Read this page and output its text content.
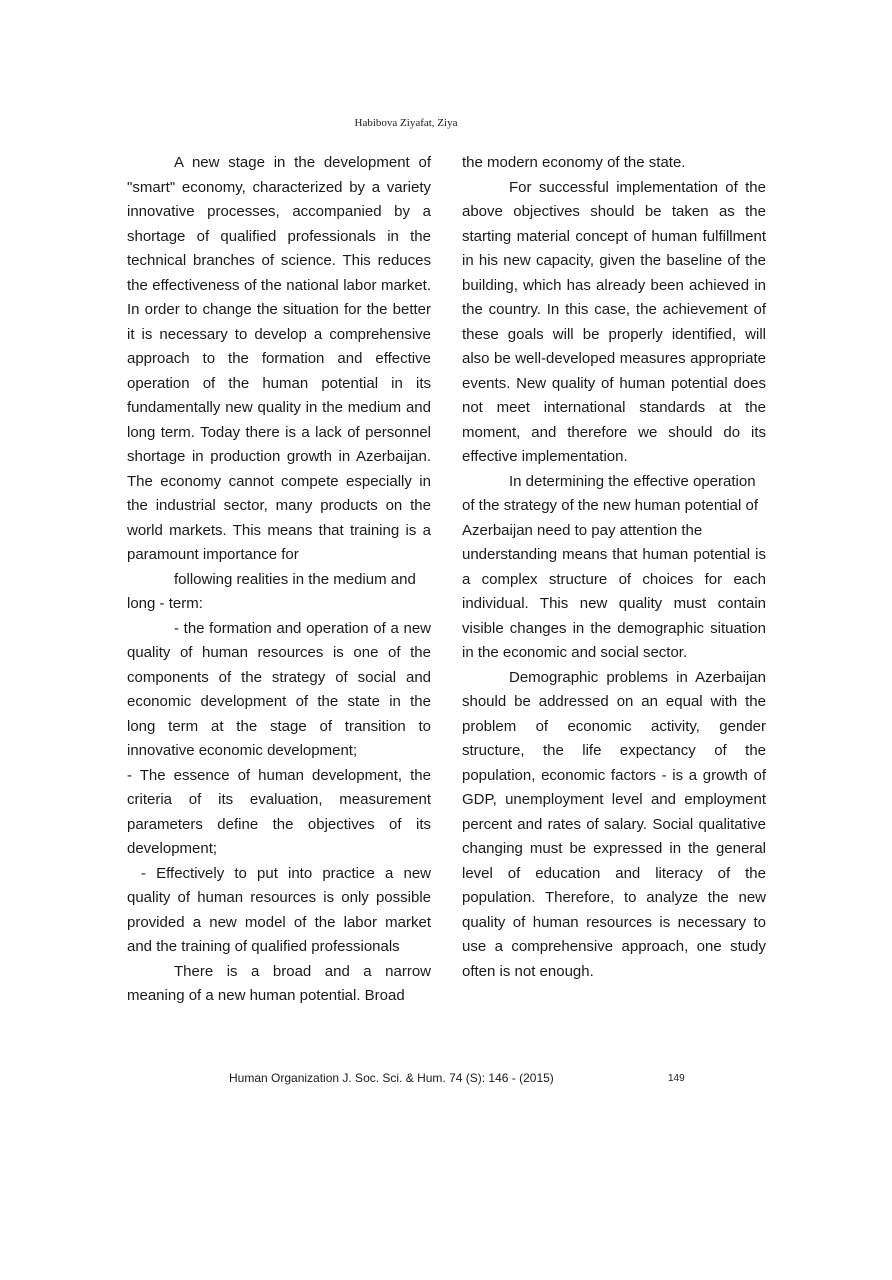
Habibova Ziyafat, Ziya

A new stage in the development of "smart" economy, characterized by a variety innovative processes, accompanied by a shortage of qualified professionals in the technical branches of science. This reduces the effectiveness of the national labor market. In order to change the situation for the better it is necessary to develop a comprehensive approach to the formation and effective operation of the human potential in its fundamentally new quality in the medium and long term. Today there is a lack of personnel shortage in production growth in Azerbaijan. The economy cannot compete especially in the industrial sector, many products on the world markets. This means that training is a paramount importance for

following realities in the medium and long - term:

- the formation and operation of a new quality of human resources is one of the components of the strategy of social and economic development of the state in the long term at the stage of transition to innovative economic development;

- The essence of human development, the criteria of its evaluation, measurement parameters define the objectives of its development;

- Effectively to put into practice a new quality of human resources is only possible provided a new model of the labor market and the training of qualified professionals

There is a broad and a narrow meaning of a new human potential. Broad

the modern economy of the state.

For successful implementation of the above objectives should be taken as the starting material concept of human fulfillment in his new capacity, given the baseline of the building, which has already been achieved in the country. In this case, the achievement of these goals will be properly identified, will also be well-developed measures appropriate events. New quality of human potential does not meet international standards at the moment, and therefore we should do its effective implementation.

In determining the effective operation of the strategy of the new human potential of Azerbaijan need to pay attention the

understanding means that human potential is a complex structure of choices for each individual. This new quality must contain visible changes in the demographic situation in the economic and social sector.

Demographic problems in Azerbaijan should be addressed on an equal with the problem of economic activity, gender structure, the life expectancy of the population, economic factors - is a growth of GDP, unemployment level and employment percent and rates of salary. Social qualitative changing must be expressed in the general level of education and literacy of the population. Therefore, to analyze the new quality of human resources is necessary to use a comprehensive approach, one study often is not enough.

Human Organization J. Soc. Sci. & Hum. 74 (S): 146 - (2015)	149
